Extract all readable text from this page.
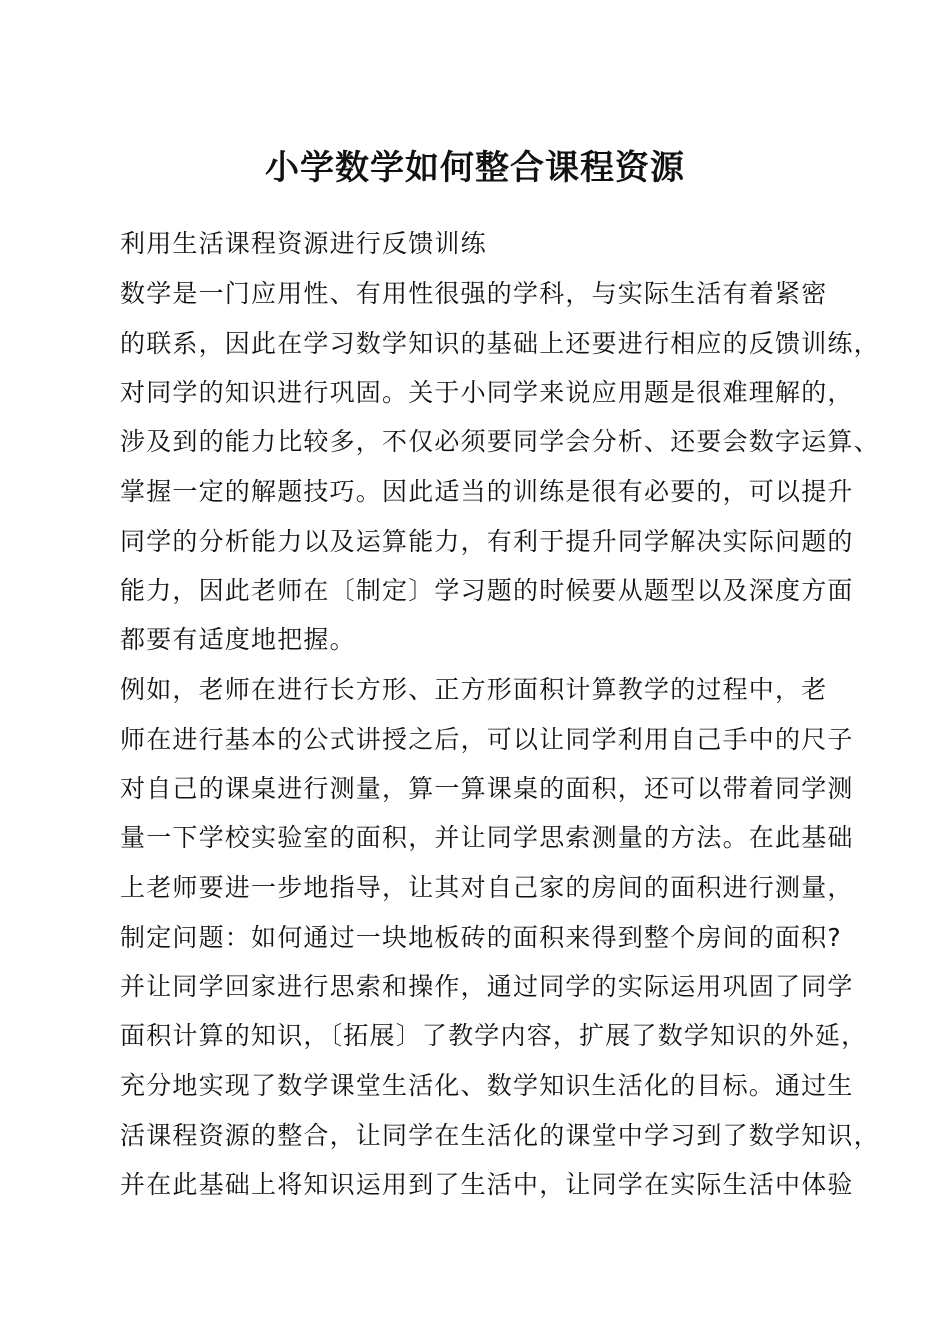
小学数学如何整合课程资源
利用生活课程资源进行反馈训练
数学是一门应用性、有用性很强的学科，与实际生活有着紧密
的联系，因此在学习数学知识的基础上还要进行相应的反馈训练，
对同学的知识进行巩固。关于小同学来说应用题是很难理解的，
涉及到的能力比较多，不仅必须要同学会分析、还要会数字运算、
掌握一定的解题技巧。因此适当的训练是很有必要的，可以提升
同学的分析能力以及运算能力，有利于提升同学解决实际问题的
能力，因此老师在〔制定〕学习题的时候要从题型以及深度方面
都要有适度地把握。
例如，老师在进行长方形、正方形面积计算教学的过程中，老
师在进行基本的公式讲授之后，可以让同学利用自己手中的尺子
对自己的课桌进行测量，算一算课桌的面积，还可以带着同学测
量一下学校实验室的面积，并让同学思索测量的方法。在此基础
上老师要进一步地指导，让其对自己家的房间的面积进行测量，
制定问题：如何通过一块地板砖的面积来得到整个房间的面积?
并让同学回家进行思索和操作，通过同学的实际运用巩固了同学
面积计算的知识，〔拓展〕了教学内容，扩展了数学知识的外延，
充分地实现了数学课堂生活化、数学知识生活化的目标。通过生
活课程资源的整合，让同学在生活化的课堂中学习到了数学知识，
并在此基础上将知识运用到了生活中，让同学在实际生活中体验
